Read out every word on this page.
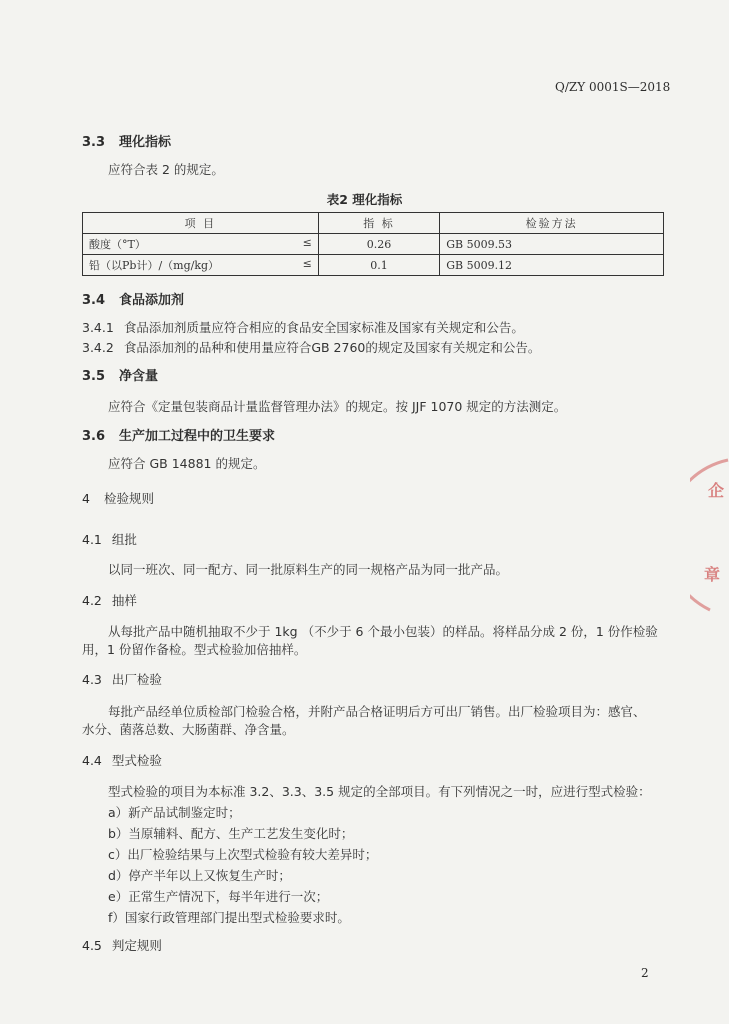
Q/ZY 0001S—2018
3.3 理化指标
应符合表 2 的规定。
表2 理化指标
项 目	指 标	检验方法
酸度（°T） ≤	0.26	GB 5009.53
铅（以Pb计）/（mg/kg） ≤	0.1	GB 5009.12
3.4 食品添加剂
3.4.1 食品添加剂质量应符合相应的食品安全国家标准及国家有关规定和公告。
3.4.2 食品添加剂的品种和使用量应符合GB 2760的规定及国家有关规定和公告。
3.5 净含量
应符合《定量包装商品计量监督管理办法》的规定。按 JJF 1070 规定的方法测定。
3.6 生产加工过程中的卫生要求
应符合 GB 14881 的规定。
4 检验规则
4.1 组批
以同一班次、同一配方、同一批原料生产的同一规格产品为同一批产品。
4.2 抽样
从每批产品中随机抽取不少于 1kg （不少于 6 个最小包装）的样品。将样品分成 2 份，1 份作检验
用，1 份留作备检。型式检验加倍抽样。
4.3 出厂检验
每批产品经单位质检部门检验合格，并附产品合格证明后方可出厂销售。出厂检验项目为：感官、
水分、菌落总数、大肠菌群、净含量。
4.4 型式检验
型式检验的项目为本标准 3.2、3.3、3.5 规定的全部项目。有下列情况之一时，应进行型式检验：
a）新产品试制鉴定时；
b）当原辅料、配方、生产工艺发生变化时；
c）出厂检验结果与上次型式检验有较大差异时；
d）停产半年以上又恢复生产时；
e）正常生产情况下，每半年进行一次；
f）国家行政管理部门提出型式检验要求时。
4.5 判定规则
2
企
章
